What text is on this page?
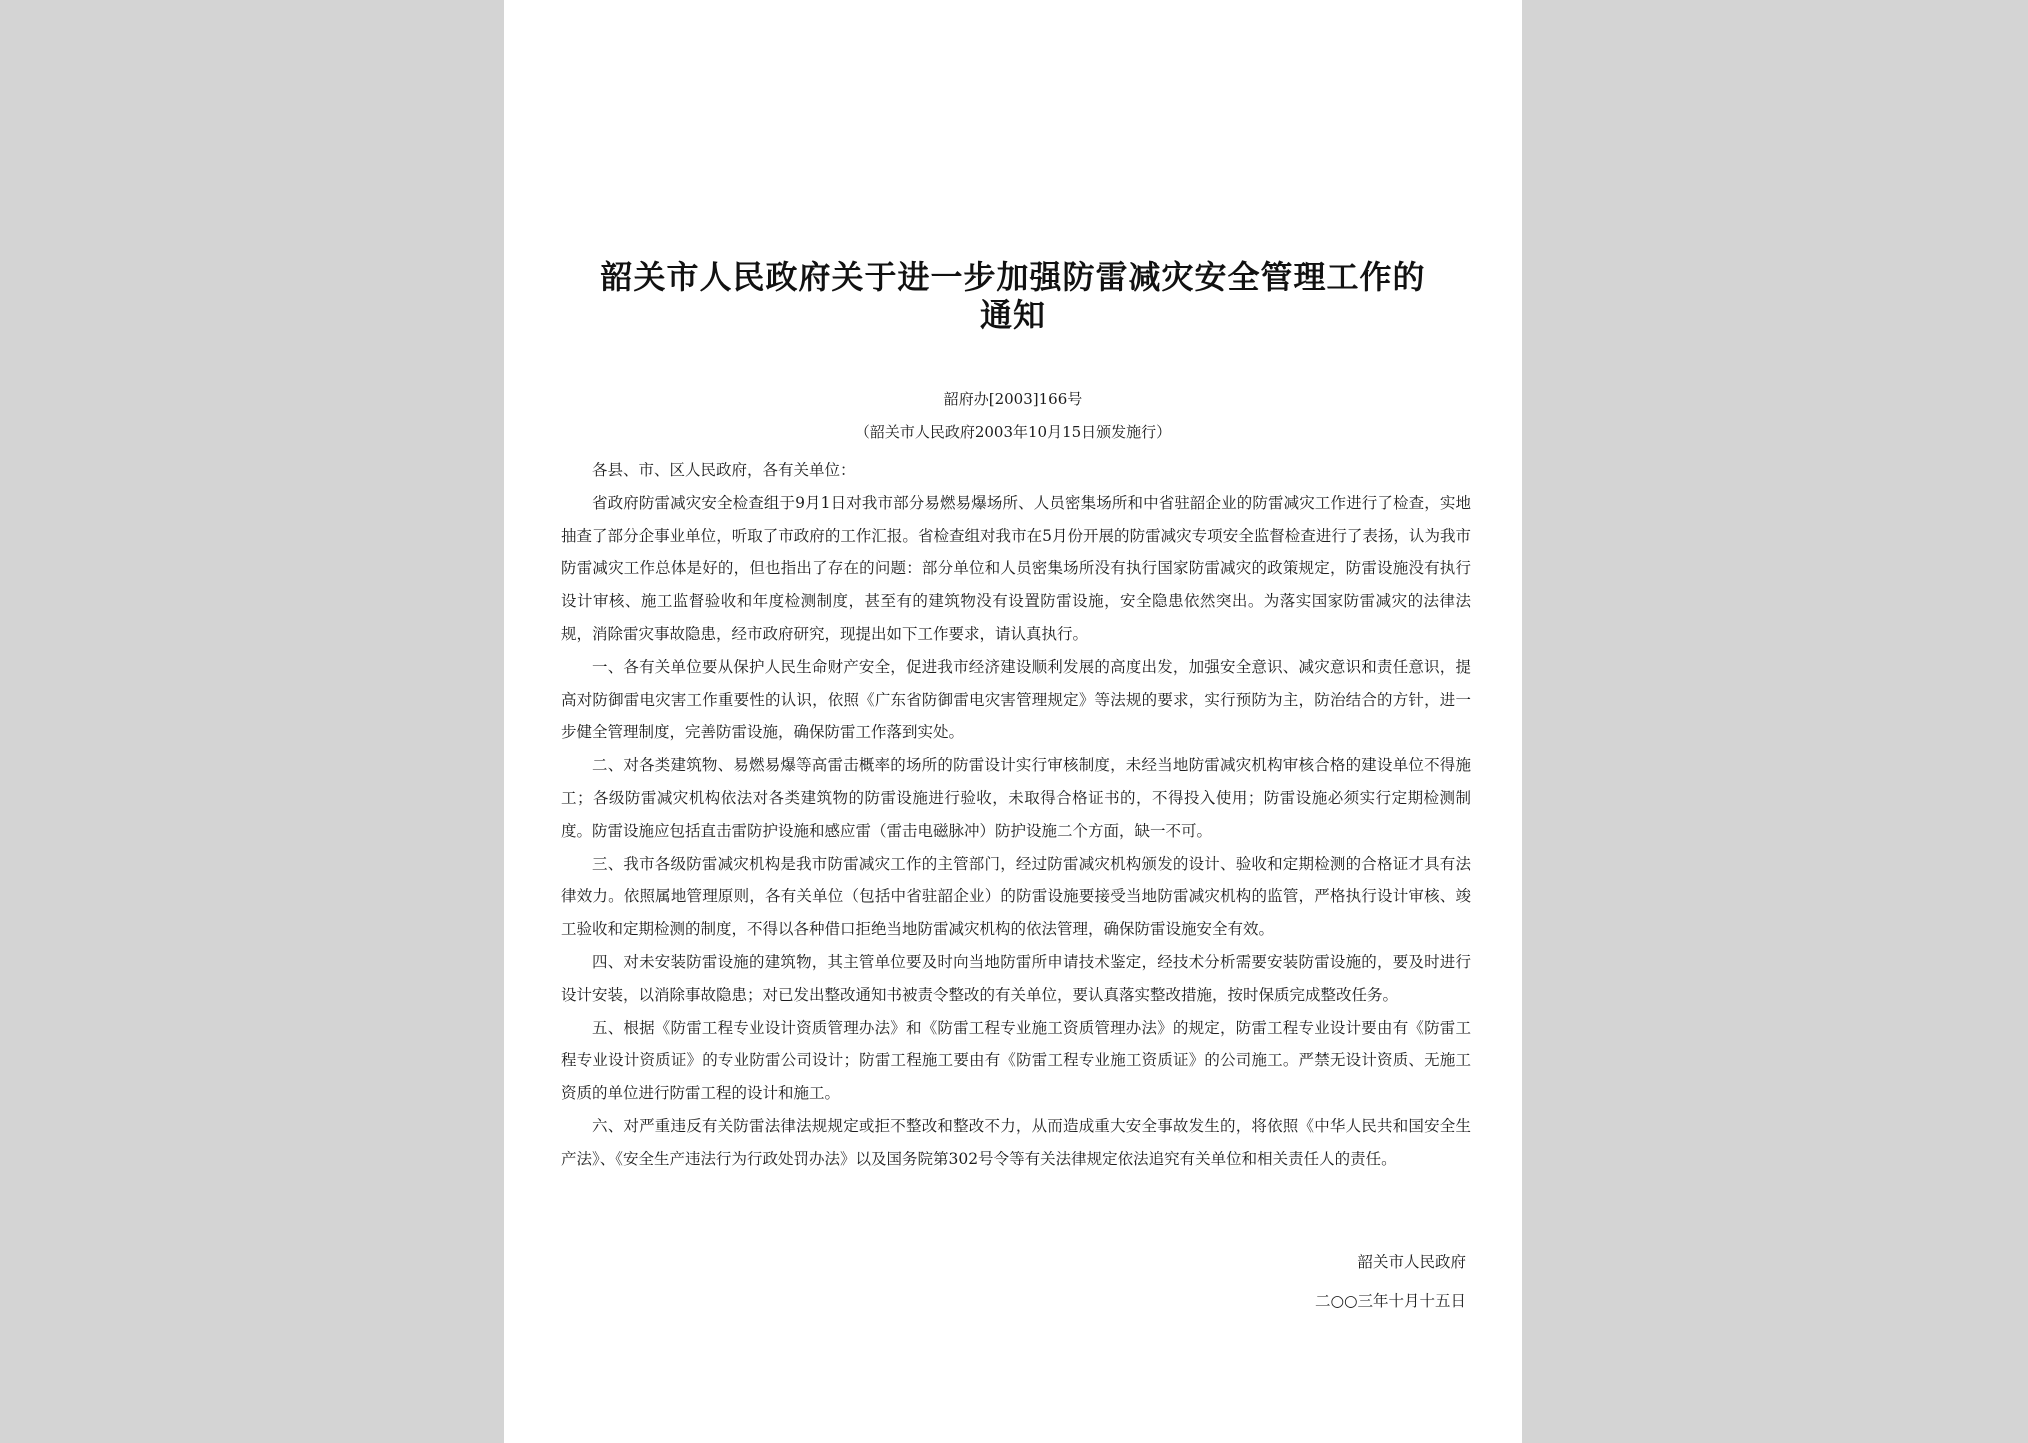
韶关市人民政府关于进一步加强防雷减灾安全管理工作的通知
韶府办[2003]166号
（韶关市人民政府2003年10月15日颁发施行）

各县、市、区人民政府，各有关单位：

省政府防雷减灾安全检查组于9月1日对我市部分易燃易爆场所、人员密集场所和中省驻韶企业的防雷减灾工作进行了检查，实地抽查了部分企事业单位，听取了市政府的工作汇报。省检查组对我市在5月份开展的防雷减灾专项安全监督检查进行了表扬，认为我市防雷减灾工作总体是好的，但也指出了存在的问题：部分单位和人员密集场所没有执行国家防雷减灾的政策规定，防雷设施没有执行设计审核、施工监督验收和年度检测制度，甚至有的建筑物没有设置防雷设施，安全隐患依然突出。为落实国家防雷减灾的法律法规，消除雷灾事故隐患，经市政府研究，现提出如下工作要求，请认真执行。

一、各有关单位要从保护人民生命财产安全，促进我市经济建设顺利发展的高度出发，加强安全意识、减灾意识和责任意识，提高对防御雷电灾害工作重要性的认识，依照《广东省防御雷电灾害管理规定》等法规的要求，实行预防为主，防治结合的方针，进一步健全管理制度，完善防雷设施，确保防雷工作落到实处。

二、对各类建筑物、易燃易爆等高雷击概率的场所的防雷设计实行审核制度，未经当地防雷减灾机构审核合格的建设单位不得施工；各级防雷减灾机构依法对各类建筑物的防雷设施进行验收，未取得合格证书的，不得投入使用；防雷设施必须实行定期检测制度。防雷设施应包括直击雷防护设施和感应雷（雷击电磁脉冲）防护设施二个方面，缺一不可。

三、我市各级防雷减灾机构是我市防雷减灾工作的主管部门，经过防雷减灾机构颁发的设计、验收和定期检测的合格证才具有法律效力。依照属地管理原则，各有关单位（包括中省驻韶企业）的防雷设施要接受当地防雷减灾机构的监管，严格执行设计审核、竣工验收和定期检测的制度，不得以各种借口拒绝当地防雷减灾机构的依法管理，确保防雷设施安全有效。

四、对未安装防雷设施的建筑物，其主管单位要及时向当地防雷所申请技术鉴定，经技术分析需要安装防雷设施的，要及时进行设计安装，以消除事故隐患；对已发出整改通知书被责令整改的有关单位，要认真落实整改措施，按时保质完成整改任务。

五、根据《防雷工程专业设计资质管理办法》和《防雷工程专业施工资质管理办法》的规定，防雷工程专业设计要由有《防雷工程专业设计资质证》的专业防雷公司设计；防雷工程施工要由有《防雷工程专业施工资质证》的公司施工。严禁无设计资质、无施工资质的单位进行防雷工程的设计和施工。

六、对严重违反有关防雷法律法规规定或拒不整改和整改不力，从而造成重大安全事故发生的，将依照《中华人民共和国安全生产法》、《安全生产违法行为行政处罚办法》以及国务院第302号令等有关法律规定依法追究有关单位和相关责任人的责任。

韶关市人民政府
二○○三年十月十五日
